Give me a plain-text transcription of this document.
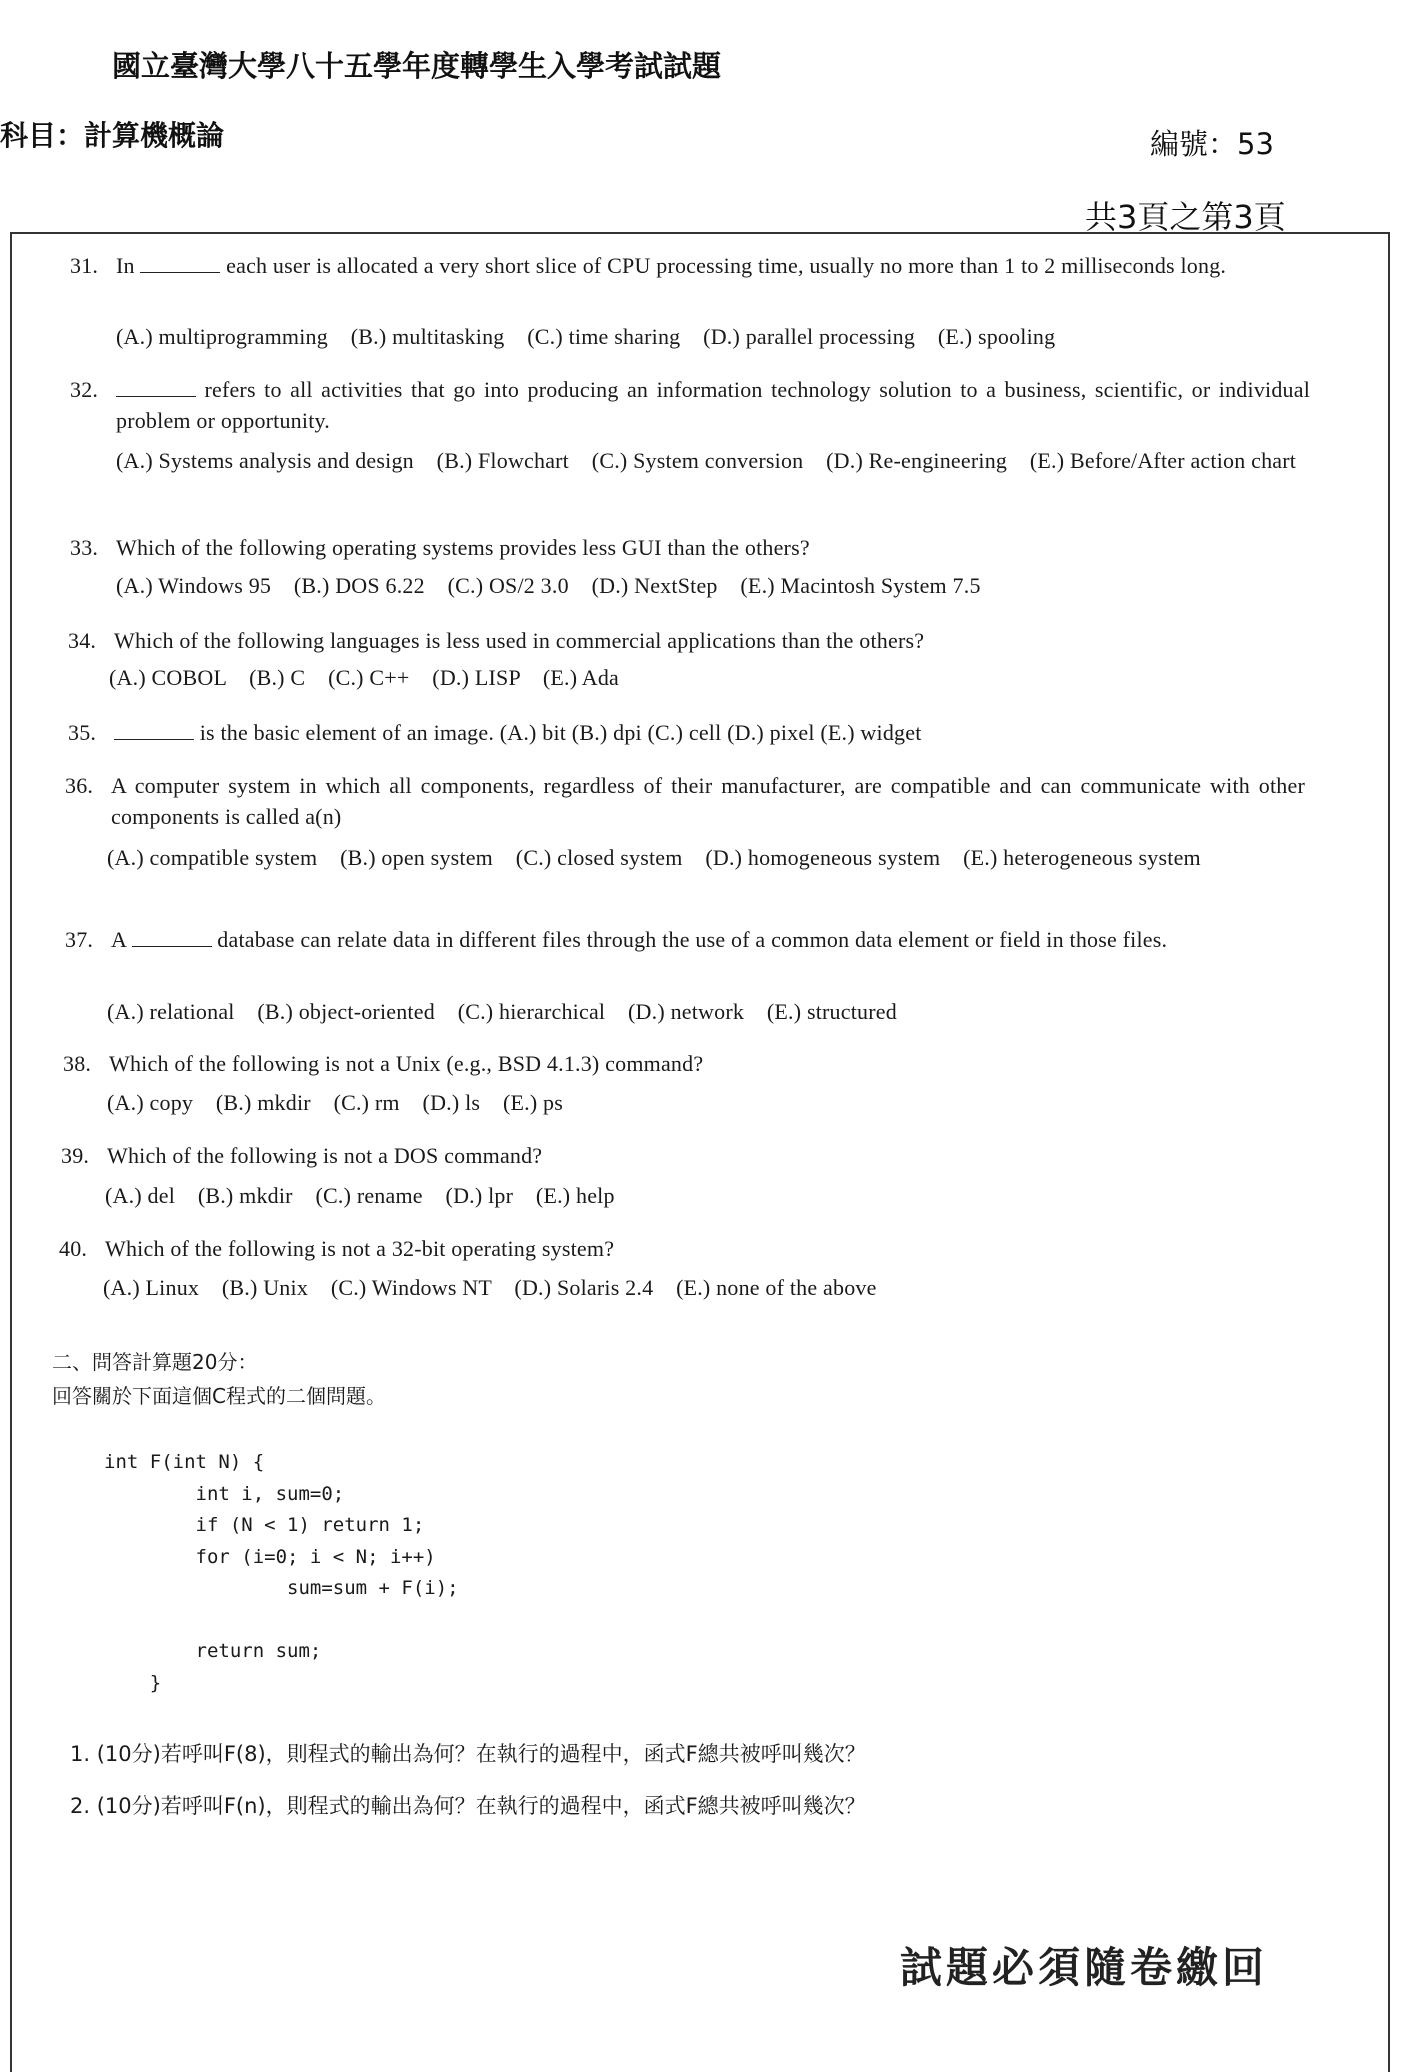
國立臺灣大學八十五學年度轉學生入學考試試題
科目：計算機概論	編號：53
共3頁之第3頁
31. In	each user is allocated a very short slice of CPU processing time, usually no more than 1 to 2 milliseconds long.
(A.) multiprogramming    (B.) multitasking    (C.) time sharing    (D.) parallel processing    (E.) spooling
32.	refers to all activities that go into producing an information technology solution to a business, scientific, or individual problem or opportunity.
(A.) Systems analysis and design    (B.) Flowchart    (C.) System conversion    (D.) Re-engineering    (E.) Before/After action chart
33. Which of the following operating systems provides less GUI than the others?
(A.) Windows 95    (B.) DOS 6.22    (C.) OS/2 3.0    (D.) NextStep    (E.) Macintosh System 7.5
34. Which of the following languages is less used in commercial applications than the others?
(A.) COBOL    (B.) C    (C.) C++    (D.) LISP    (E.) Ada
35.	is the basic element of an image. (A.) bit (B.) dpi (C.) cell (D.) pixel (E.) widget
36. A computer system in which all components, regardless of their manufacturer, are compatible and can communicate with other components is called a(n)
(A.) compatible system    (B.) open system    (C.) closed system    (D.) homogeneous system    (E.) heterogeneous system
37. A	database can relate data in different files through the use of a common data element or field in those files.
(A.) relational    (B.) object-oriented    (C.) hierarchical    (D.) network    (E.) structured
38. Which of the following is not a Unix (e.g., BSD 4.1.3) command?
(A.) copy    (B.) mkdir    (C.) rm    (D.) ls    (E.) ps
39. Which of the following is not a DOS command?
(A.) del    (B.) mkdir    (C.) rename    (D.) lpr    (E.) help
40. Which of the following is not a 32-bit operating system?
(A.) Linux    (B.) Unix    (C.) Windows NT    (D.) Solaris 2.4    (E.) none of the above
二、問答計算題20分：
回答關於下面這個C程式的二個問題。
int F(int N) {
int i, sum=0;
if (N < 1) return 1;
for (i=0; i < N; i++)
sum=sum + F(i);

return sum;
}
1. (10分)若呼叫F(8)，則程式的輸出為何？在執行的過程中，函式F總共被呼叫幾次？
2. (10分)若呼叫F(n)，則程式的輸出為何？在執行的過程中，函式F總共被呼叫幾次？
試題必須隨卷繳回
